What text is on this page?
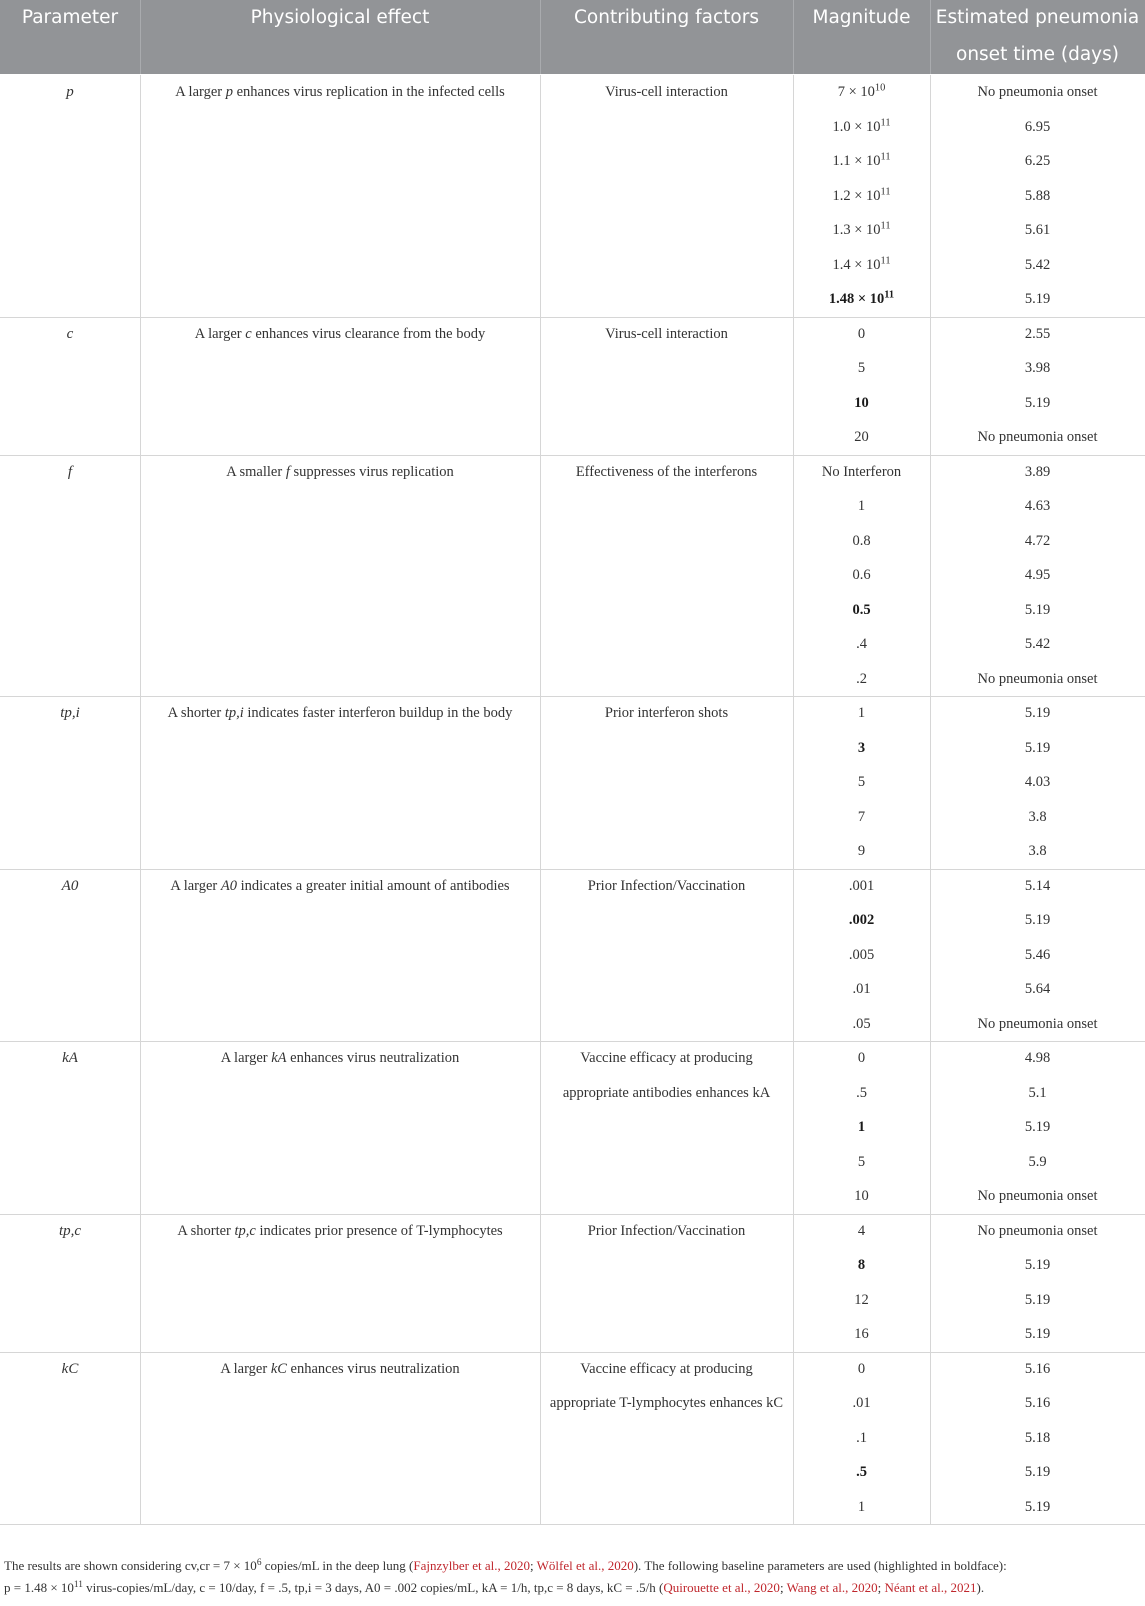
Parameter	Physiological effect	Contributing factors	Magnitude	Estimated pneumonia
onset time (days)
p	A larger p enhances virus replication in the infected cells	Virus-cell interaction	$7 \times 10^{10}$	No pneumonia onset
$1.0 \times 10^{11}$	6.95
$1.1 \times 10^{11}$	6.25
$1.2 \times 10^{11}$	5.88
$1.3 \times 10^{11}$	5.61
$1.4 \times 10^{11}$	5.42
$1.48 \times 10^{11}$	5.19
c	A larger c enhances virus clearance from the body	Virus-cell interaction	0	2.55
5	3.98
10	5.19
20	No pneumonia onset
f	A smaller f suppresses virus replication	Effectiveness of the interferons	No Interferon	3.89
1	4.63
0.8	4.72
0.6	4.95
0.5	5.19
.4	5.42
.2	No pneumonia onset
tp,i	A shorter tp,i indicates faster interferon buildup in the body	Prior interferon shots	1	5.19
3	5.19
5	4.03
7	3.8
9	3.8
A0	A larger A0 indicates a greater initial amount of antibodies	Prior Infection/Vaccination	.001	5.14
.002	5.19
.005	5.46
.01	5.64
.05	No pneumonia onset
kA	A larger kA enhances virus neutralization	Vaccine efficacy at producing
appropriate antibodies enhances kA
0	4.98
.5	5.1
1	5.19
5	5.9
10	No pneumonia onset
tp,c	A shorter tp,c indicates prior presence of T-lymphocytes	Prior Infection/Vaccination	4	No pneumonia onset
8	5.19
12	5.19
16	5.19
kC	A larger kC enhances virus neutralization	Vaccine efficacy at producing
appropriate T-lymphocytes enhances kC
0	5.16
.01	5.16
.1	5.18
.5	5.19
1	5.19
The results are shown considering $cv,cr = 7 \times 10^6$ copies/mL in the deep lung (Fajnzylber et al., 2020; Wölfel et al., 2020). The following baseline parameters are used (highlighted in boldface):
$p = 1.48 \times 10^{11}$ virus-copies/mL/day, c = 10/day, f = .5, tp,i = 3 days, A0 = .002 copies/mL, kA = 1/h, tp,c = 8 days, kC = .5/h (Quirouette et al., 2020; Wang et al., 2020; Néant et al., 2021).
